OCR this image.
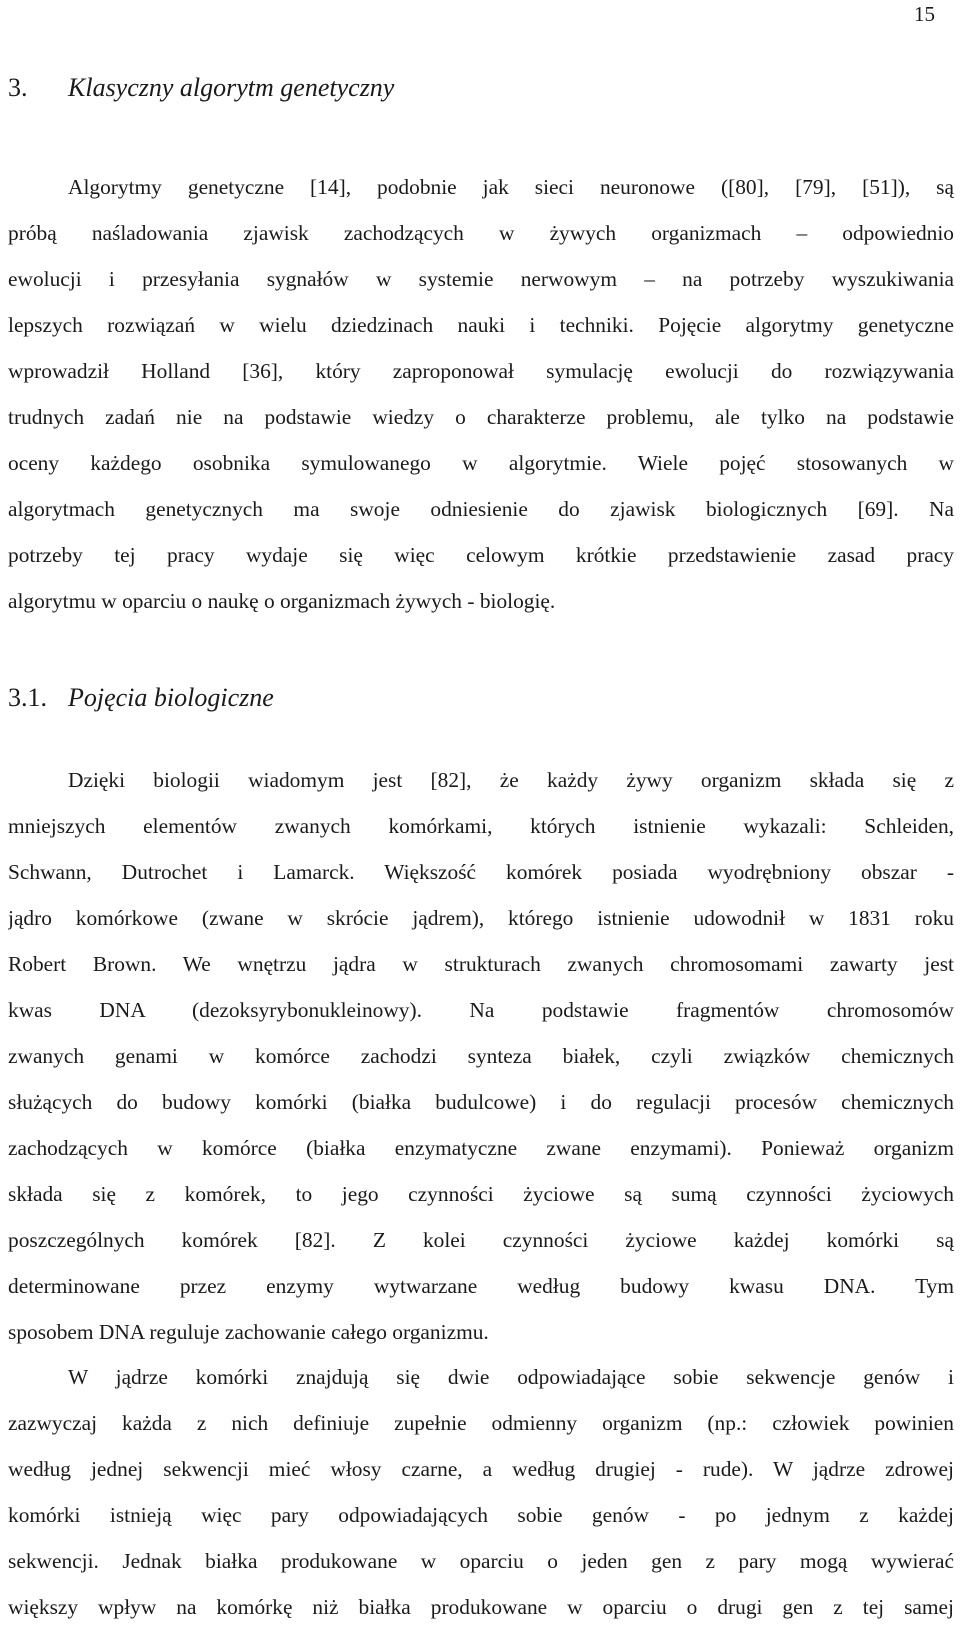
15
3. Klasyczny algorytm genetyczny
Algorytmy genetyczne [14], podobnie jak sieci neuronowe ([80], [79], [51]), są
próbą naśladowania zjawisk zachodzących w żywych organizmach – odpowiednio
ewolucji i przesyłania sygnałów w systemie nerwowym – na potrzeby wyszukiwania
lepszych rozwiązań w wielu dziedzinach nauki i techniki. Pojęcie algorytmy genetyczne
wprowadził Holland [36], który zaproponował symulację ewolucji do rozwiązywania
trudnych zadań nie na podstawie wiedzy o charakterze problemu, ale tylko na podstawie
oceny każdego osobnika symulowanego w algorytmie. Wiele pojęć stosowanych w
algorytmach genetycznych ma swoje odniesienie do zjawisk biologicznych [69]. Na
potrzeby tej pracy wydaje się więc celowym krótkie przedstawienie zasad pracy
algorytmu w oparciu o naukę o organizmach żywych - biologię.
3.1. Pojęcia biologiczne
Dzięki biologii wiadomym jest [82], że każdy żywy organizm składa się z
mniejszych elementów zwanych komórkami, których istnienie wykazali: Schleiden,
Schwann, Dutrochet i Lamarck. Większość komórek posiada wyodrębniony obszar -
jądro komórkowe (zwane w skrócie jądrem), którego istnienie udowodnił w 1831 roku
Robert Brown. We wnętrzu jądra w strukturach zwanych chromosomami zawarty jest
kwas DNA (dezoksyrybonukleinowy). Na podstawie fragmentów chromosomów
zwanych genami w komórce zachodzi synteza białek, czyli związków chemicznych
służących do budowy komórki (białka budulcowe) i do regulacji procesów chemicznych
zachodzących w komórce (białka enzymatyczne zwane enzymami). Ponieważ organizm
składa się z komórek, to jego czynności życiowe są sumą czynności życiowych
poszczególnych komórek [82]. Z kolei czynności życiowe każdej komórki są
determinowane przez enzymy wytwarzane według budowy kwasu DNA. Tym
sposobem DNA reguluje zachowanie całego organizmu.
W jądrze komórki znajdują się dwie odpowiadające sobie sekwencje genów i
zazwyczaj każda z nich definiuje zupełnie odmienny organizm (np.: człowiek powinien
według jednej sekwencji mieć włosy czarne, a według drugiej - rude). W jądrze zdrowej
komórki istnieją więc pary odpowiadających sobie genów - po jednym z każdej
sekwencji. Jednak białka produkowane w oparciu o jeden gen z pary mogą wywierać
większy wpływ na komórkę niż białka produkowane w oparciu o drugi gen z tej samej
